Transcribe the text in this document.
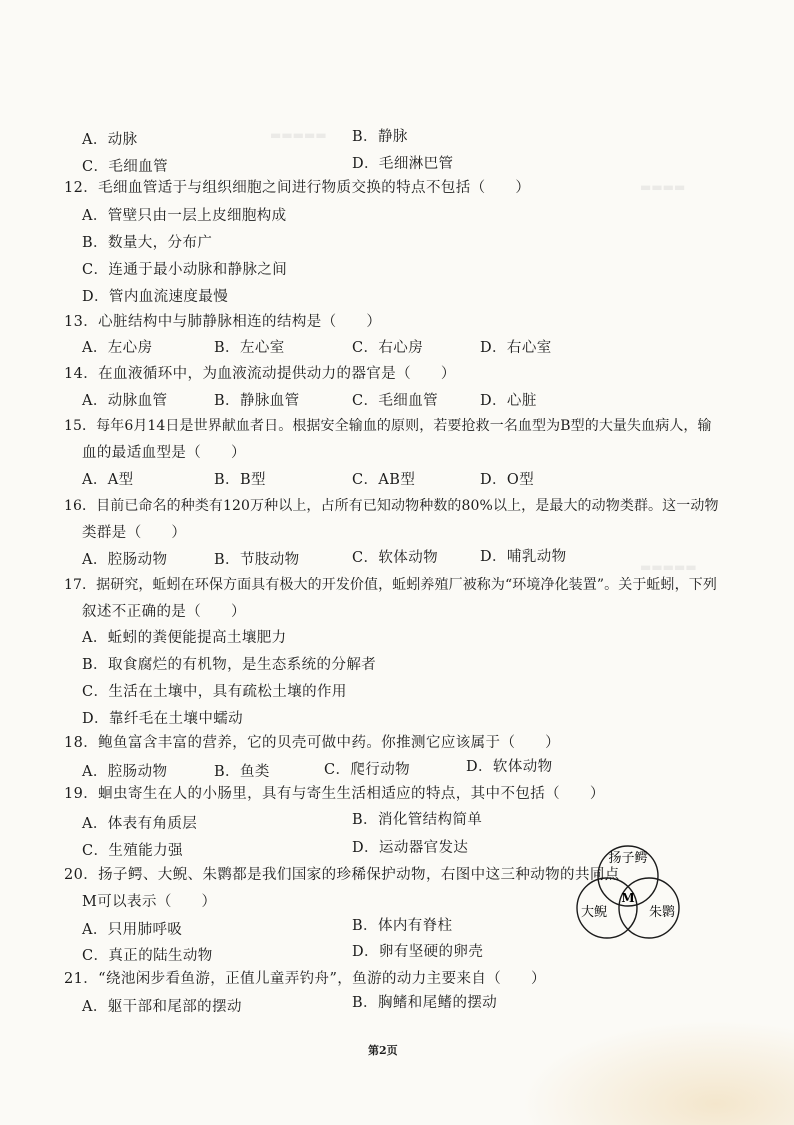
▬▬▬▬▬
▬▬▬▬
▬▬▬▬▬
A．动脉	B．静脉
C．毛细血管	D．毛细淋巴管
12．毛细血管适于与组织细胞之间进行物质交换的特点不包括（　　）
A．管壁只由一层上皮细胞构成
B．数量大，分布广
C．连通于最小动脉和静脉之间
D．管内血流速度最慢
13．心脏结构中与肺静脉相连的结构是（　　）
A．左心房	B．左心室	C．右心房	D．右心室
14．在血液循环中，为血液流动提供动力的器官是（　　）
A．动脉血管	B．静脉血管	C．毛细血管	D．心脏
15．每年6月14日是世界献血者日。根据安全输血的原则，若要抢救一名血型为B型的大量失血病人，输
血的最适血型是（　　）
A．A型	B．B型	C．AB型	D．O型
16．目前已命名的种类有120万种以上，占所有已知动物种数的80%以上，是最大的动物类群。这一动物
类群是（　　）
A．腔肠动物	B．节肢动物	C．软体动物	D．哺乳动物
17．据研究，蚯蚓在环保方面具有极大的开发价值，蚯蚓养殖厂被称为“环境净化装置”。关于蚯蚓，下列
叙述不正确的是（　　）
A．蚯蚓的粪便能提高土壤肥力
B．取食腐烂的有机物，是生态系统的分解者
C．生活在土壤中，具有疏松土壤的作用
D．靠纤毛在土壤中蠕动
18．鲍鱼富含丰富的营养，它的贝壳可做中药。你推测它应该属于（　　）
A．腔肠动物	B．鱼类	C．爬行动物	D．软体动物
19．蛔虫寄生在人的小肠里，具有与寄生生活相适应的特点，其中不包括（　　）
A．体表有角质层	B．消化管结构简单
C．生殖能力强	D．运动器官发达
20．扬子鳄、大鲵、朱鹮都是我们国家的珍稀保护动物，右图中这三种动物的共同点
M可以表示（　　）
A．只用肺呼吸	B．体内有脊柱
C．真正的陆生动物	D．卵有坚硬的卵壳
扬子鳄
大鲵	朱鹮
M
21．“绕池闲步看鱼游，正值儿童弄钓舟”，鱼游的动力主要来自（　　）
A．躯干部和尾部的摆动	B．胸鳍和尾鳍的摆动
第2页
